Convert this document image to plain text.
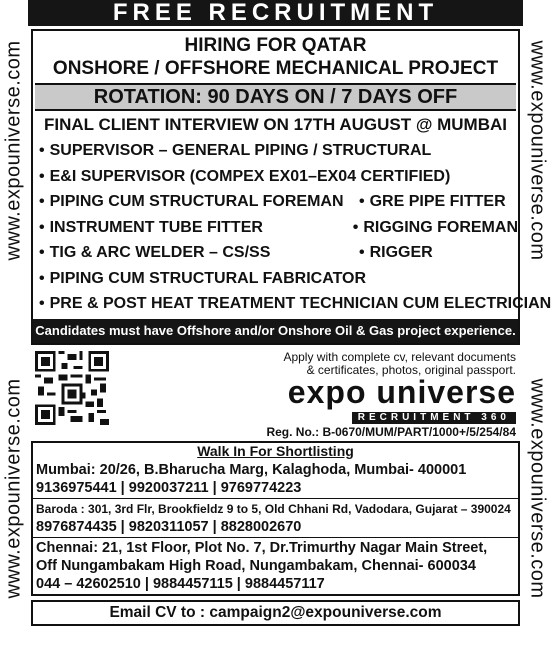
www.expouniverse.com
www.expouniverse.com
www.expouniverse.com
www.expouniverse.com
FREE RECRUITMENT
HIRING FOR QATAR
ONSHORE / OFFSHORE MECHANICAL PROJECT
ROTATION: 90 DAYS ON / 7 DAYS OFF
FINAL CLIENT INTERVIEW ON 17TH AUGUST @ MUMBAI
• SUPERVISOR – GENERAL PIPING / STRUCTURAL
• E&I SUPERVISOR (COMPEX EX01–EX04 CERTIFIED)
• PIPING CUM STRUCTURAL FOREMAN • GRE PIPE FITTER
• INSTRUMENT TUBE FITTER	• RIGGING FOREMAN
• TIG & ARC WELDER – CS/SS	• RIGGER
• PIPING CUM STRUCTURAL FABRICATOR
• PRE & POST HEAT TREATMENT TECHNICIAN CUM ELECTRICIAN
Candidates must have Offshore and/or Onshore Oil & Gas project experience.
Apply with complete cv, relevant documents
& certificates, photos, original passport.
expo universe
RECRUITMENT 360
Reg. No.: B-0670/MUM/PART/1000+/5/254/84
Walk In For Shortlisting
Mumbai: 20/26, B.Bharucha Marg, Kalaghoda, Mumbai- 400001
9136975441 | 9920037211 | 9769774223
Baroda : 301, 3rd Flr, Brookfieldz 9 to 5, Old Chhani Rd, Vadodara, Gujarat – 390024
8976874435 | 9820311057 | 8828002670
Chennai: 21, 1st Floor, Plot No. 7, Dr.Trimurthy Nagar Main Street,
Off Nungambakam High Road, Nungambakam, Chennai- 600034
044 – 42602510 | 9884457115 | 9884457117
Email CV to : campaign2@expouniverse.com
